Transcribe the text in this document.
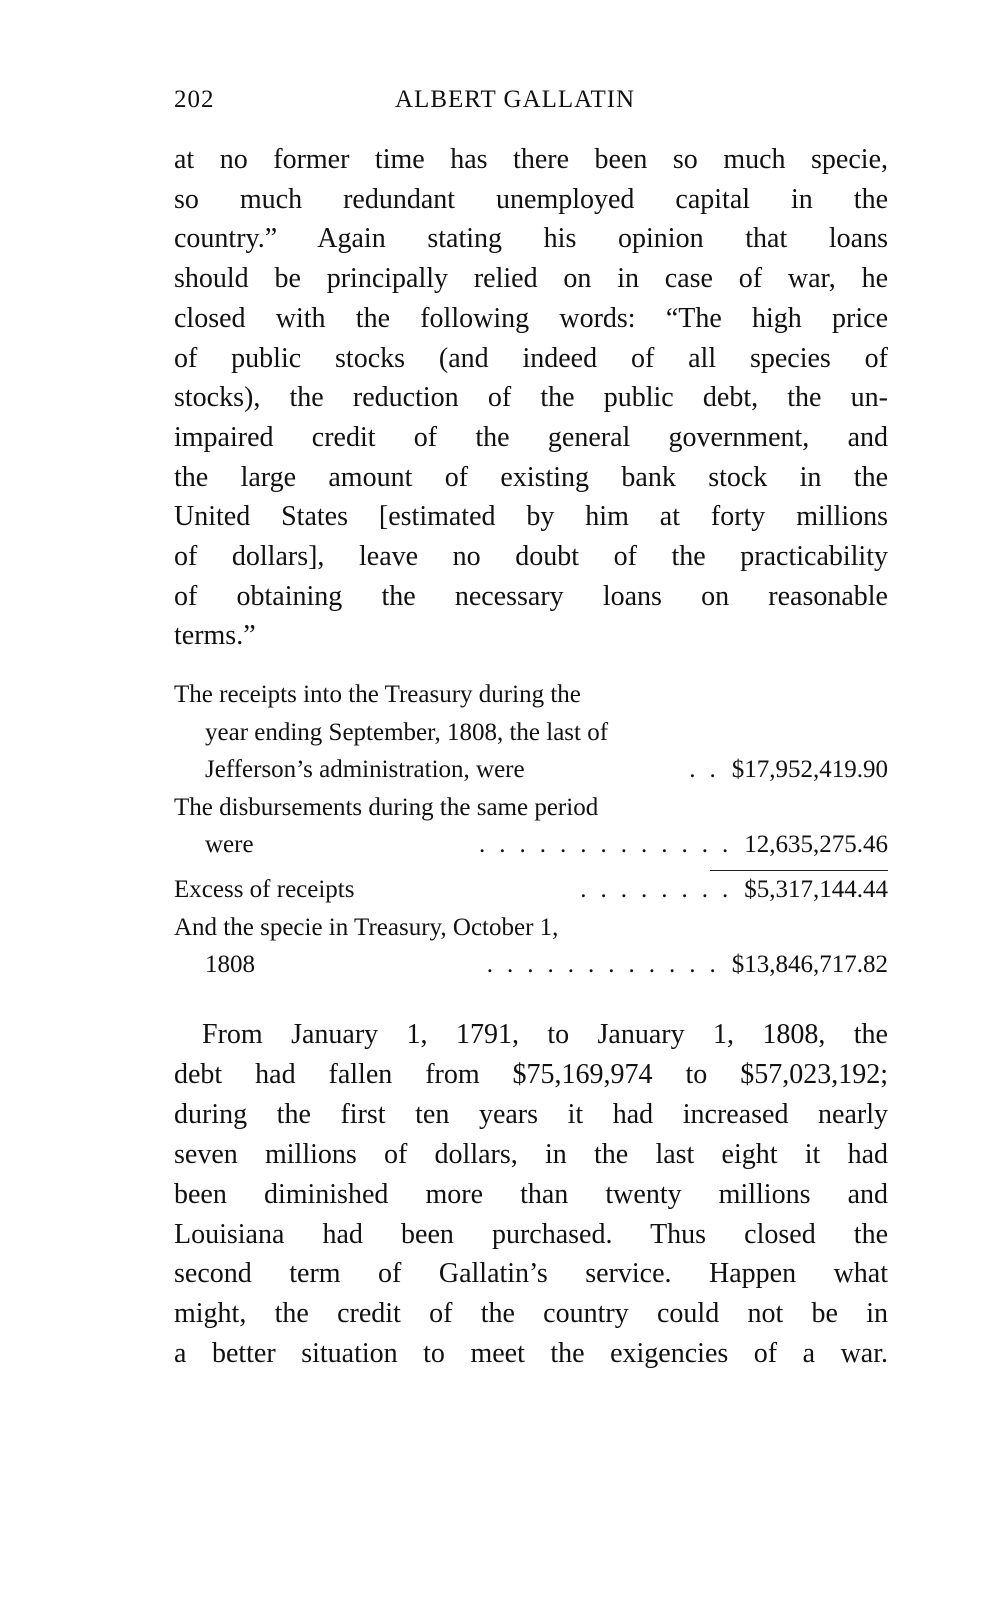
202	ALBERT GALLATIN
at no former time has there been so much specie,
so much redundant unemployed capital in the
country.” Again stating his opinion that loans
should be principally relied on in case of war, he
closed with the following words: “The high price
of public stocks (and indeed of all species of
stocks), the reduction of the public debt, the un-
impaired credit of the general government, and
the large amount of existing bank stock in the
United States [estimated by him at forty millions
of dollars], leave no doubt of the practicability
of obtaining the necessary loans on reasonable
terms.”
The receipts into the Treasury during the
year ending September, 1808, the last of
Jefferson’s administration, were	.. $17,952,419.90
The disbursements during the same period
were	............. 12,635,275.46
Excess of receipts	........ $5,317,144.44
And the specie in Treasury, October 1,
1808	............ $13,846,717.82
 From January 1, 1791, to January 1, 1808, the
debt had fallen from $75,169,974 to $57,023,192;
during the first ten years it had increased nearly
seven millions of dollars, in the last eight it had
been diminished more than twenty millions and
Louisiana had been purchased. Thus closed the
second term of Gallatin’s service. Happen what
might, the credit of the country could not be in
a better situation to meet the exigencies of a war.
